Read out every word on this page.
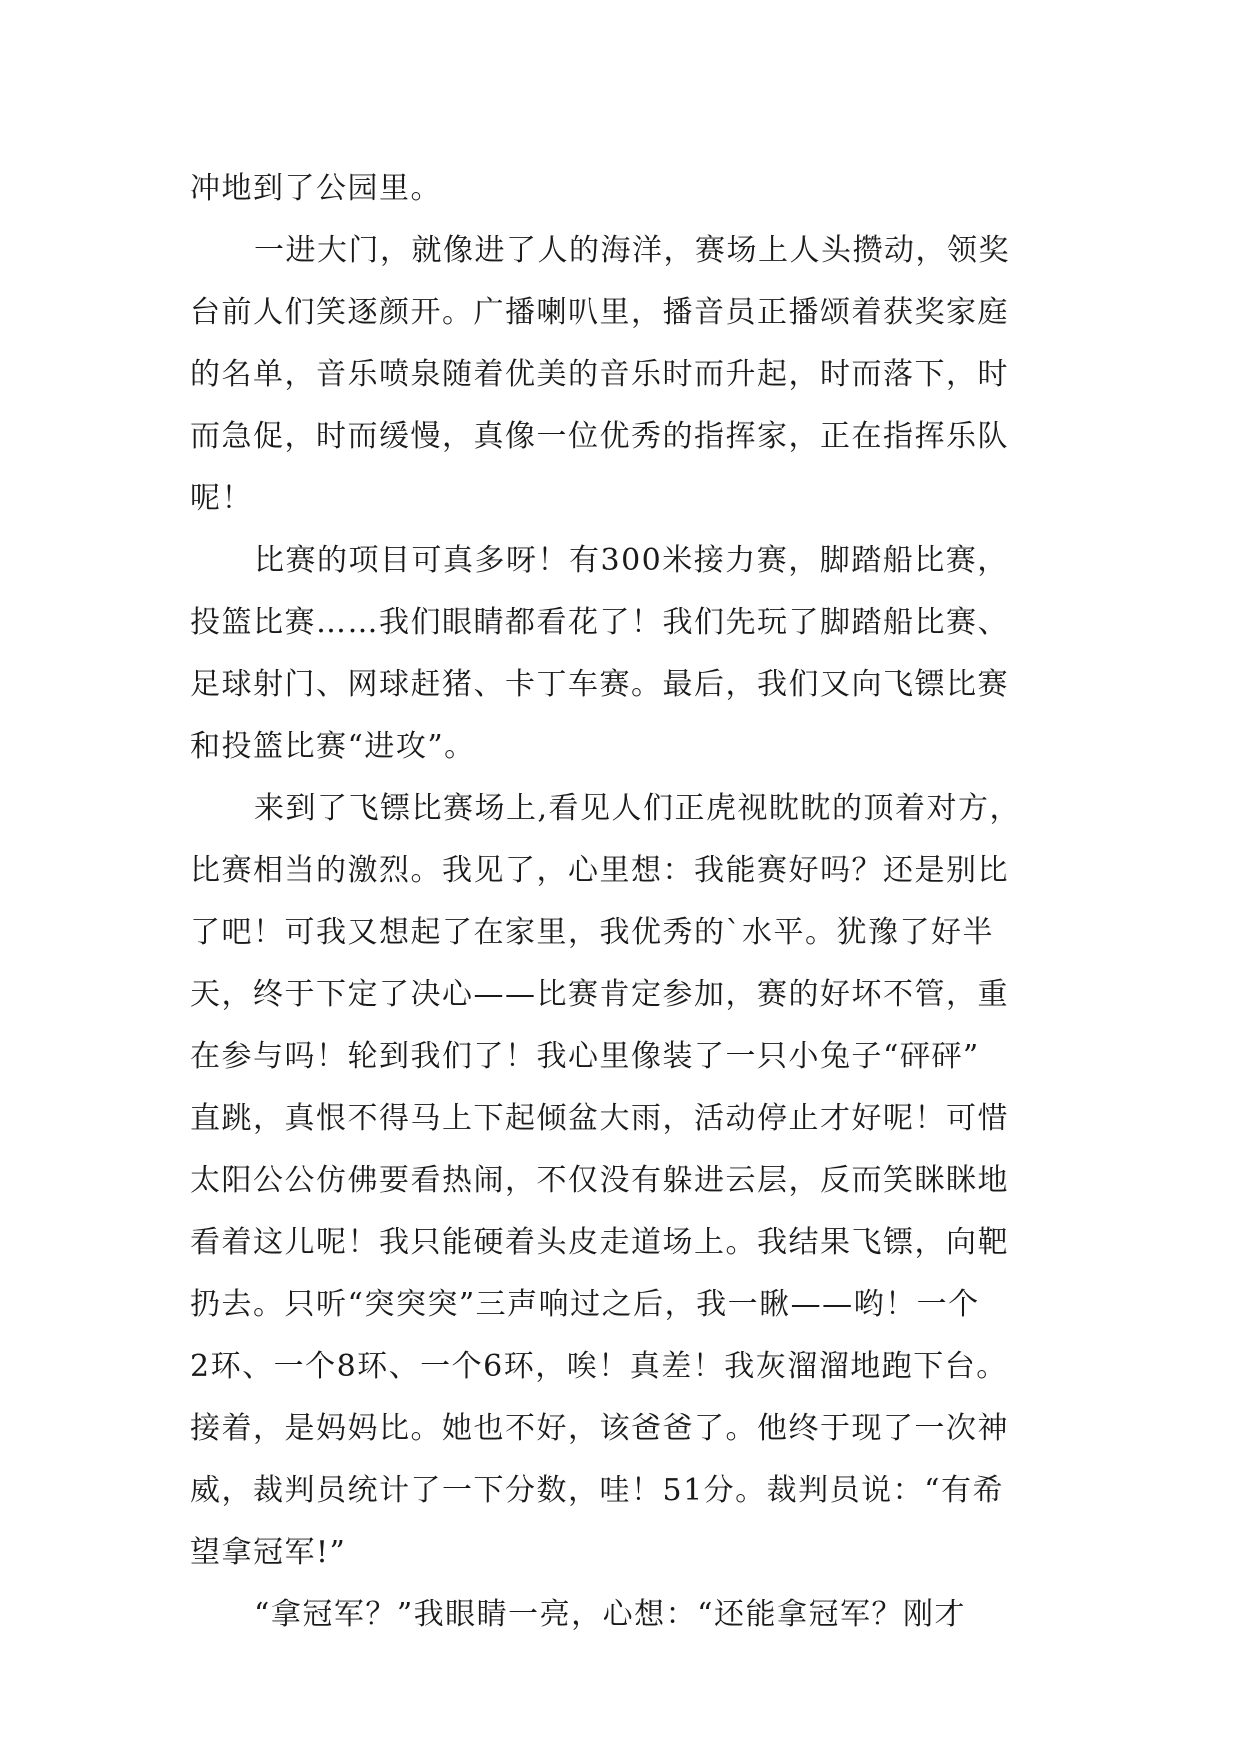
冲地到了公园里。
一进大门，就像进了人的海洋，赛场上人头攒动，领奖
台前人们笑逐颜开。广播喇叭里，播音员正播颂着获奖家庭
的名单，音乐喷泉随着优美的音乐时而升起，时而落下，时
而急促，时而缓慢，真像一位优秀的指挥家，正在指挥乐队
呢！
比赛的项目可真多呀！有300米接力赛，脚踏船比赛，
投篮比赛……我们眼睛都看花了！我们先玩了脚踏船比赛、
足球射门、网球赶猪、卡丁车赛。最后，我们又向飞镖比赛
和投篮比赛“进攻”。
来到了飞镖比赛场上,看见人们正虎视眈眈的顶着对方，
比赛相当的激烈。我见了，心里想：我能赛好吗？还是别比
了吧！可我又想起了在家里，我优秀的`水平。犹豫了好半
天，终于下定了决心——比赛肯定参加，赛的好坏不管，重
在参与吗！轮到我们了！我心里像装了一只小兔子“砰砰”
直跳，真恨不得马上下起倾盆大雨，活动停止才好呢！可惜
太阳公公仿佛要看热闹，不仅没有躲进云层，反而笑眯眯地
看着这儿呢！我只能硬着头皮走道场上。我结果飞镖，向靶
扔去。只听“突突突”三声响过之后，我一瞅——哟！一个
2环、一个8环、一个6环，唉！真差！我灰溜溜地跑下台。
接着，是妈妈比。她也不好，该爸爸了。他终于现了一次神
威，裁判员统计了一下分数，哇！51分。裁判员说：“有希
望拿冠军!”
“拿冠军？”我眼睛一亮，心想：“还能拿冠军？刚才
